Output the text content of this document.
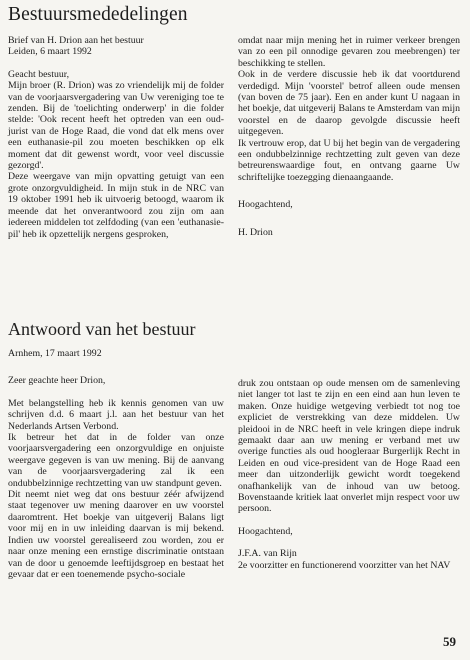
Bestuursmededelingen

Brief van H. Drion aan het bestuur

Leiden, 6 maart 1992

Geacht bestuur,

Mijn broer (R. Drion) was zo vriendelijk mij de folder van de voorjaarsvergadering van Uw vereniging toe te zenden. Bij de 'toelichting onderwerp' in die folder stelde: 'Ook recent heeft het optreden van een oud-jurist van de Hoge Raad, die vond dat elk mens over een euthanasie-pil zou moeten beschikken op elk moment dat dit gewenst wordt, voor veel discussie gezorgd'.

Deze weergave van mijn opvatting getuigt van een grote onzorgvuldigheid. In mijn stuk in de NRC van 19 oktober 1991 heb ik uitvoerig betoogd, waarom ik meende dat het onverantwoord zou zijn om aan iedereen middelen tot zelfdoding (van een 'euthanasie-pil' heb ik opzettelijk nergens gesproken,

omdat naar mijn mening het in ruimer verkeer brengen van zo een pil onnodige gevaren zou meebrengen) ter beschikking te stellen.

Ook in de verdere discussie heb ik dat voortdurend verdedigd. Mijn 'voorstel' betrof alleen oude mensen (van boven de 75 jaar). Een en ander kunt U nagaan in het boekje, dat uitgeverij Balans te Amsterdam van mijn voorstel en de daarop gevolgde discussie heeft uitgegeven.

Ik vertrouw erop, dat U bij het begin van de vergadering een ondubbelzinnige rechtzetting zult geven van deze betreurenswaardige fout, en ontvang gaarne Uw schriftelijke toezegging dienaangaande.

Hoogachtend,

H. Drion

Antwoord van het bestuur

Arnhem, 17 maart 1992

Zeer geachte heer Drion,

Met belangstelling heb ik kennis genomen van uw schrijven d.d. 6 maart j.l. aan het bestuur van het Nederlands Artsen Verbond.

Ik betreur het dat in de folder van onze voorjaarsvergadering een onzorgvuldige en onjuiste weergave gegeven is van uw mening. Bij de aanvang van de voorjaarsvergadering zal ik een ondubbelzinnige rechtzetting van uw standpunt geven.

Dit neemt niet weg dat ons bestuur zéér afwijzend staat tegenover uw mening daarover en uw voorstel daaromtrent. Het boekje van uitgeverij Balans ligt voor mij en in uw inleiding daarvan is mij bekend. Indien uw voorstel gerealiseerd zou worden, zou er naar onze mening een ernstige discriminatie ontstaan van de door u genoemde leeftijdsgroep en bestaat het gevaar dat er een toenemende psycho-sociale

druk zou ontstaan op oude mensen om de samenleving niet langer tot last te zijn en een eind aan hun leven te maken. Onze huidige wetgeving verbiedt tot nog toe expliciet de verstrekking van deze middelen. Uw pleidooi in de NRC heeft in vele kringen diepe indruk gemaakt daar aan uw mening er verband met uw overige functies als oud hoogleraar Burgerlijk Recht in Leiden en oud vice-president van de Hoge Raad een meer dan uitzonderlijk gewicht wordt toegekend onafhankelijk van de inhoud van uw betoog. Bovenstaande kritiek laat onverlet mijn respect voor uw persoon.

Hoogachtend,

J.F.A. van Rijn

2e voorzitter en functionerend voorzitter van het NAV

59
